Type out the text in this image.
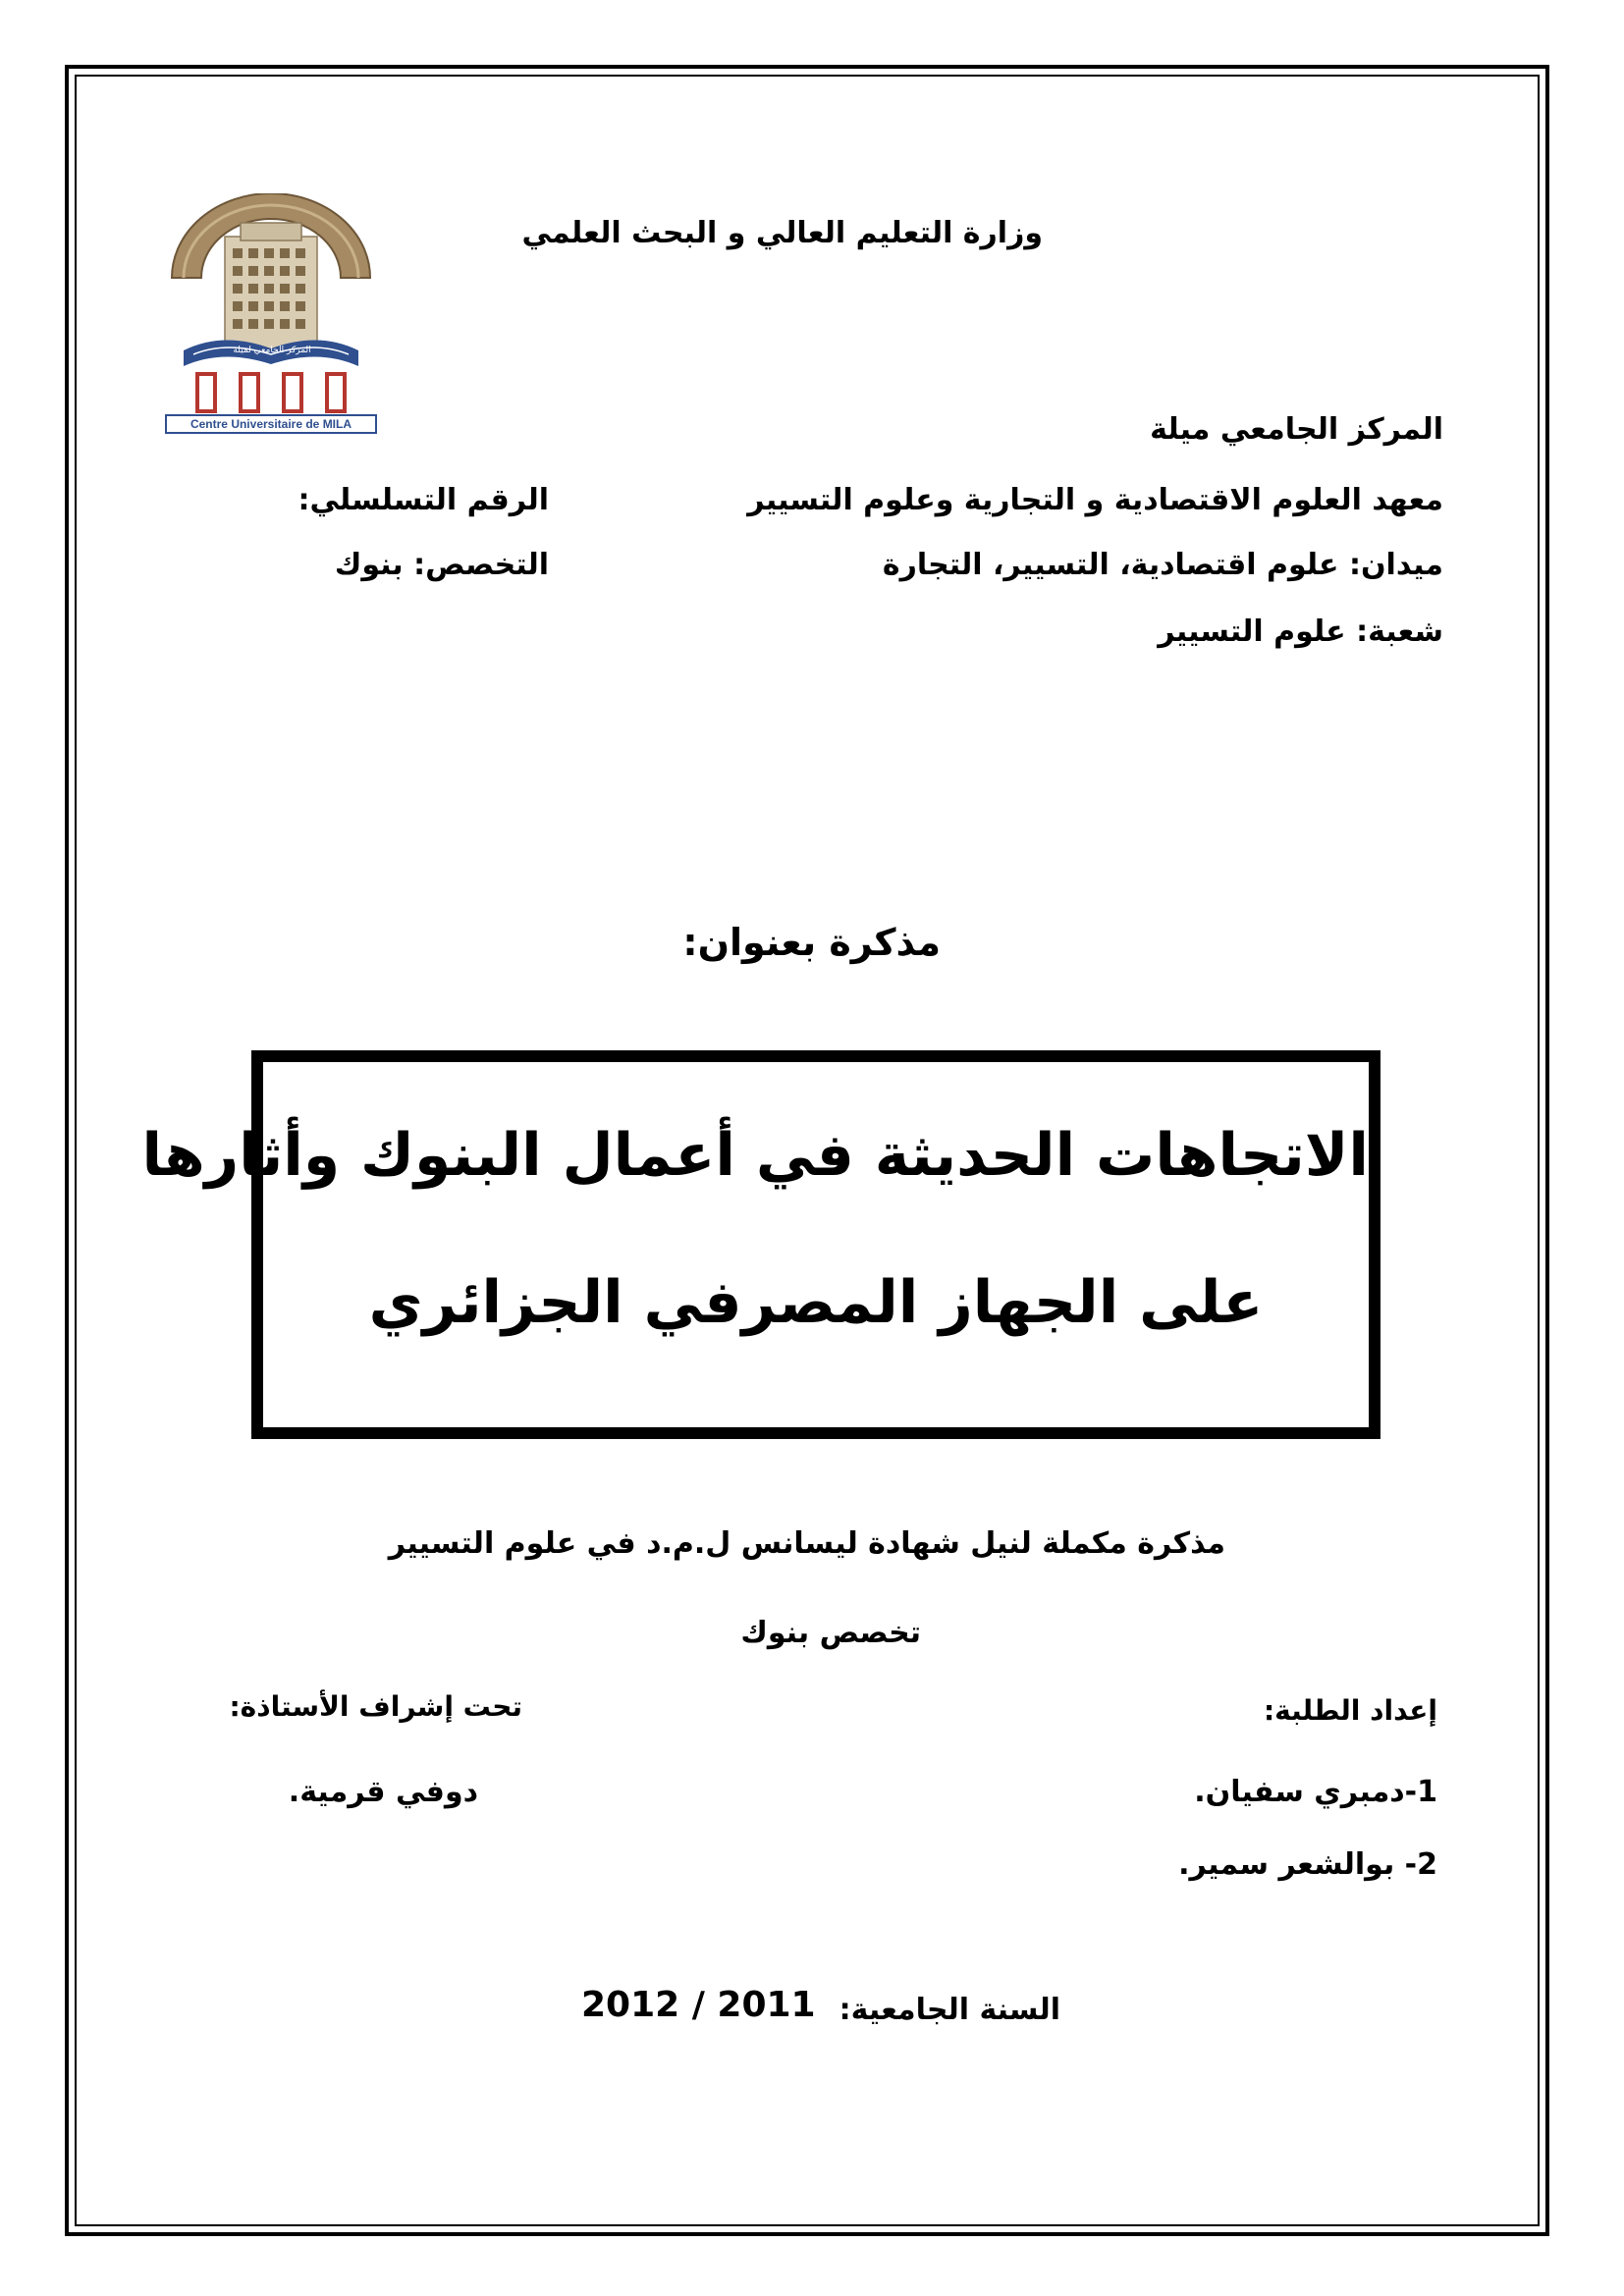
المركز الجامعي لميلة
Centre Universitaire de MILA
وزارة التعليم العالي و البحث العلمي
المركز الجامعي ميلة
معهد العلوم الاقتصادية و التجارية وعلوم التسيير
الرقم التسلسلي:
ميدان: علوم اقتصادية، التسيير، التجارة
التخصص: بنوك
شعبة: علوم التسيير
مذكرة بعنوان:
الاتجاهات الحديثة في أعمال البنوك وأثارها
على الجهاز المصرفي الجزائري
مذكرة مكملة لنيل شهادة ليسانس ل.م.د في علوم التسيير
تخصص بنوك
إعداد الطلبة:
تحت إشراف الأستاذة:
1-دمبري سفيان.
دوفي قرمية.
2- بوالشعر سمير.
السنة الجامعية:
2012 / 2011
